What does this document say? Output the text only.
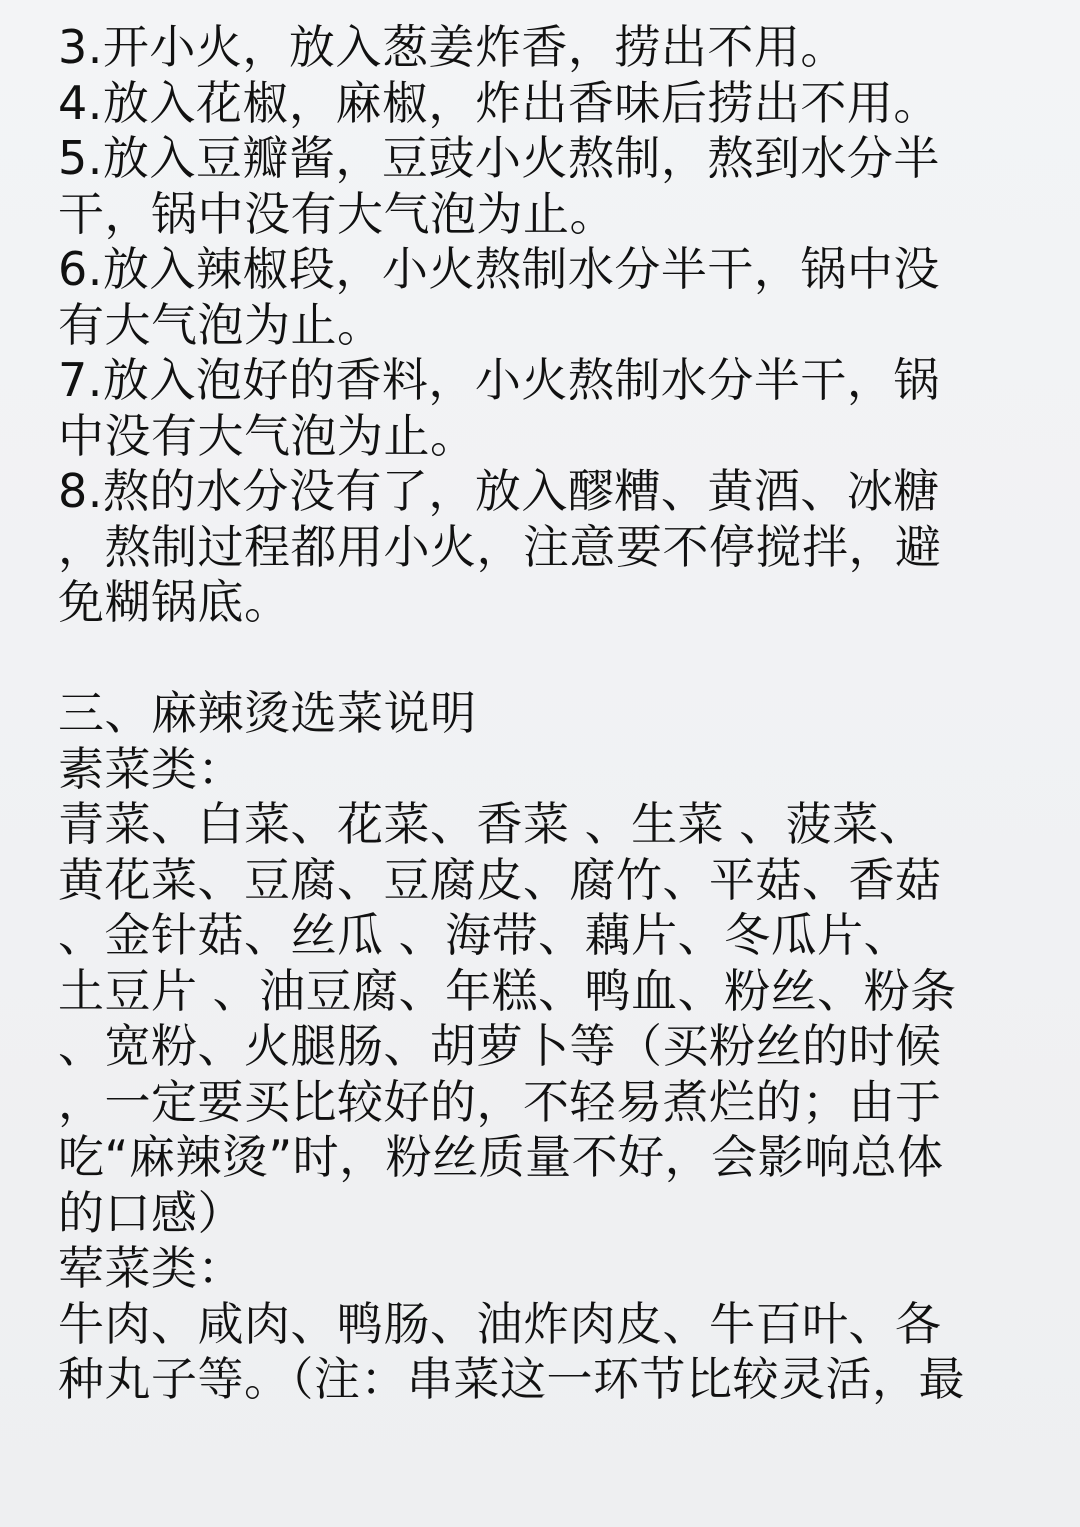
3.开小火，放入葱姜炸香，捞出不用。
4.放入花椒，麻椒，炸出香味后捞出不用。
5.放入豆瓣酱，豆豉小火熬制，熬到水分半
干，锅中没有大气泡为止。
6.放入辣椒段，小火熬制水分半干，锅中没
有大气泡为止。
7.放入泡好的香料，小火熬制水分半干，锅
中没有大气泡为止。
8.熬的水分没有了，放入醪糟、黄酒、冰糖
，熬制过程都用小火，注意要不停搅拌，避
免糊锅底。
三、麻辣烫选菜说明
素菜类：
青菜、白菜、花菜、香菜 、生菜 、菠菜、
黄花菜、豆腐、豆腐皮、腐竹、平菇、香菇
、金针菇、丝瓜 、海带、藕片、冬瓜片、
土豆片 、油豆腐、年糕、鸭血、粉丝、粉条
、宽粉、火腿肠、胡萝卜等（买粉丝的时候
，一定要买比较好的，不轻易煮烂的；由于
吃“麻辣烫”时，粉丝质量不好，会影响总体
的口感）
荤菜类：
牛肉、咸肉、鸭肠、油炸肉皮、牛百叶、各
种丸子等。（注：串菜这一环节比较灵活，最
